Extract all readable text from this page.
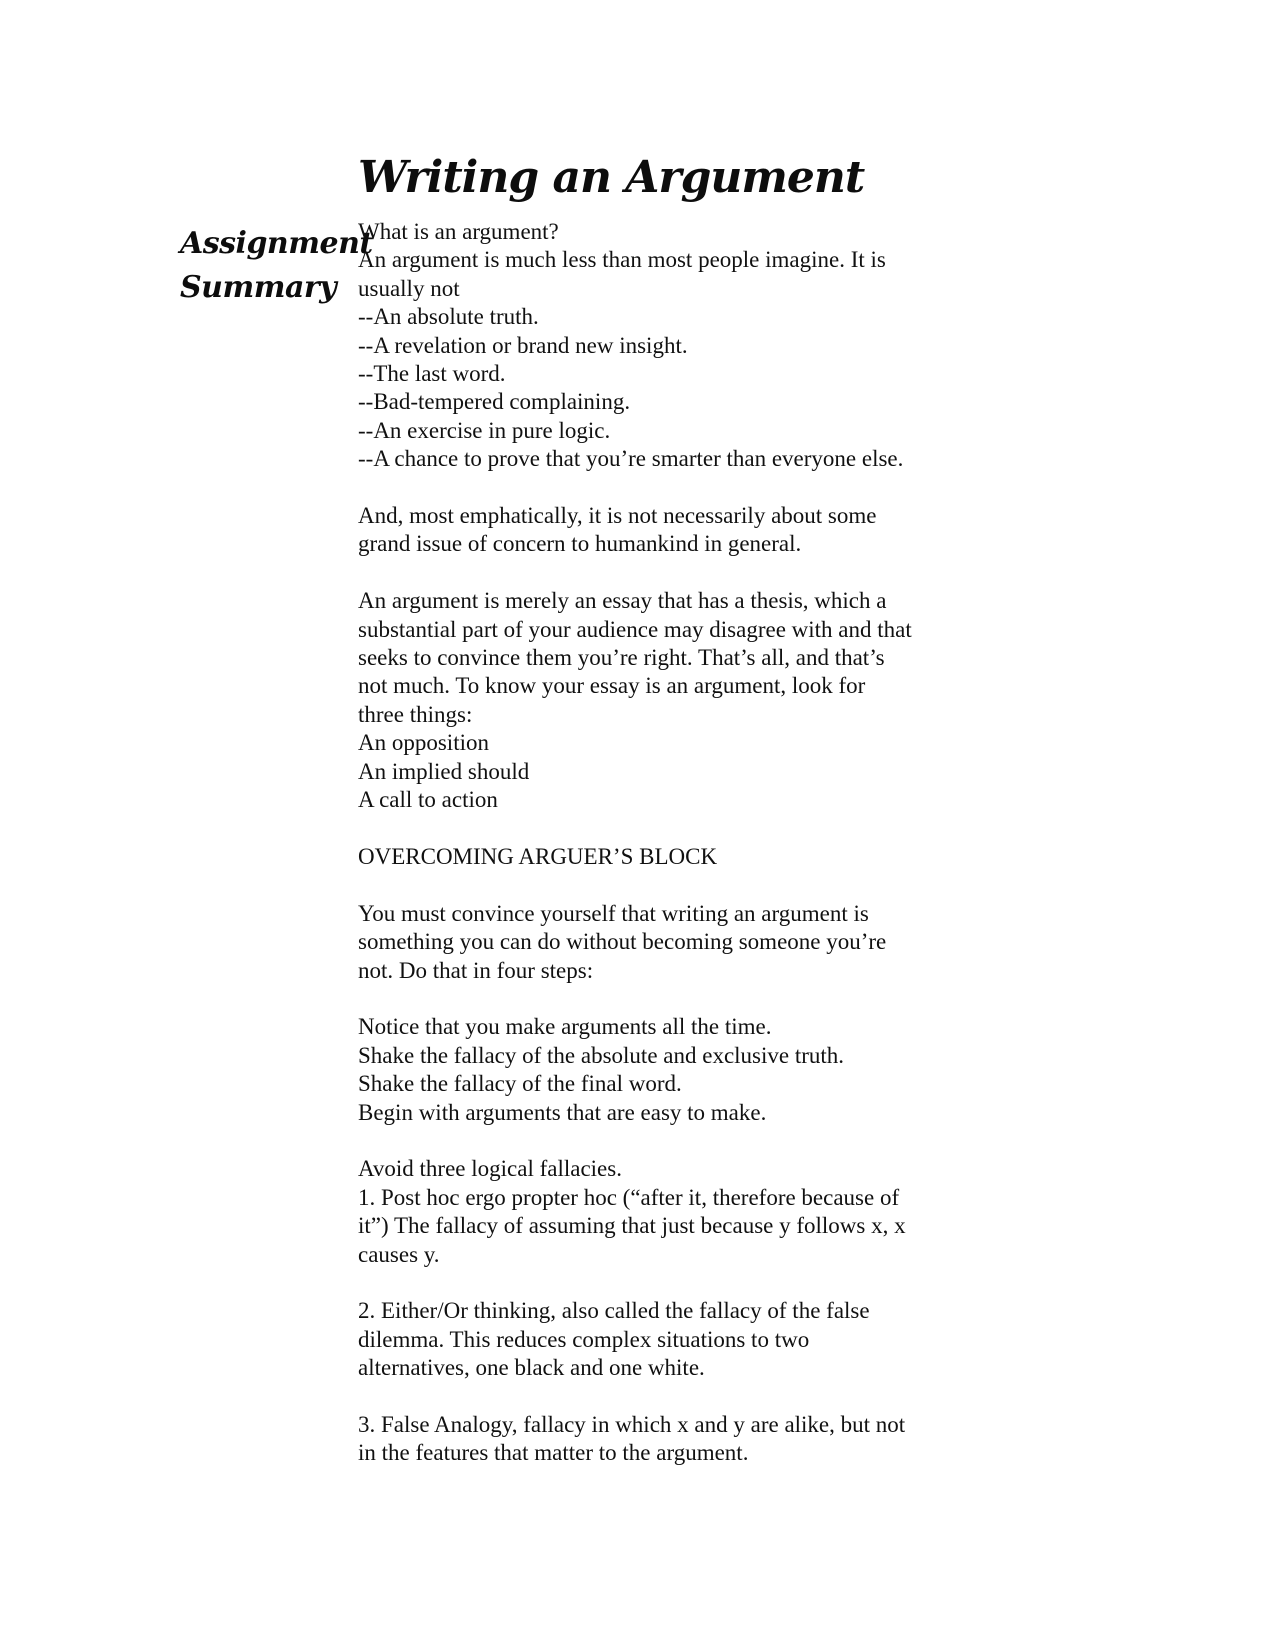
Writing an Argument
Assignment
Summary
What is an argument?
An argument is much less than most people imagine. It is
usually not
--An absolute truth.
--A revelation or brand new insight.
--The last word.
--Bad-tempered complaining.
--An exercise in pure logic.
--A chance to prove that you’re smarter than everyone else.
And, most emphatically, it is not necessarily about some
grand issue of concern to humankind in general.
An argument is merely an essay that has a thesis, which a
substantial part of your audience may disagree with and that
seeks to convince them you’re right. That’s all, and that’s
not much. To know your essay is an argument, look for
three things:
An opposition
An implied should
A call to action
OVERCOMING ARGUER’S BLOCK
You must convince yourself that writing an argument is
something you can do without becoming someone you’re
not. Do that in four steps:
Notice that you make arguments all the time.
Shake the fallacy of the absolute and exclusive truth.
Shake the fallacy of the final word.
Begin with arguments that are easy to make.
Avoid three logical fallacies.
1. Post hoc ergo propter hoc (“after it, therefore because of
it”) The fallacy of assuming that just because y follows x, x
causes y.
2. Either/Or thinking, also called the fallacy of the false
dilemma. This reduces complex situations to two
alternatives, one black and one white.
3. False Analogy, fallacy in which x and y are alike, but not
in the features that matter to the argument.
